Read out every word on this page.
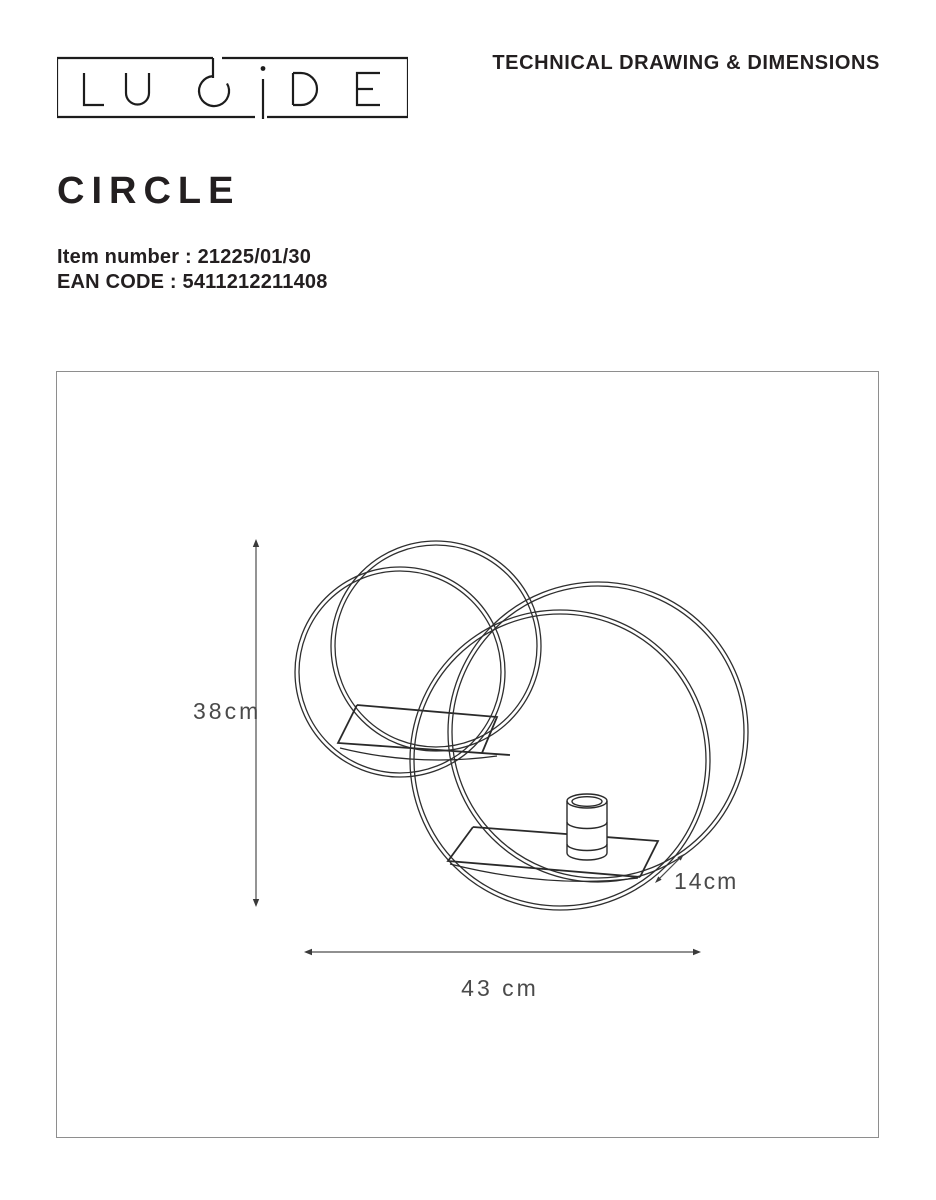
TECHNICAL DRAWING & DIMENSIONS
CIRCLE
Item number : 21225/01/30
EAN CODE : 5411212211408
38cm
43 cm
14cm
